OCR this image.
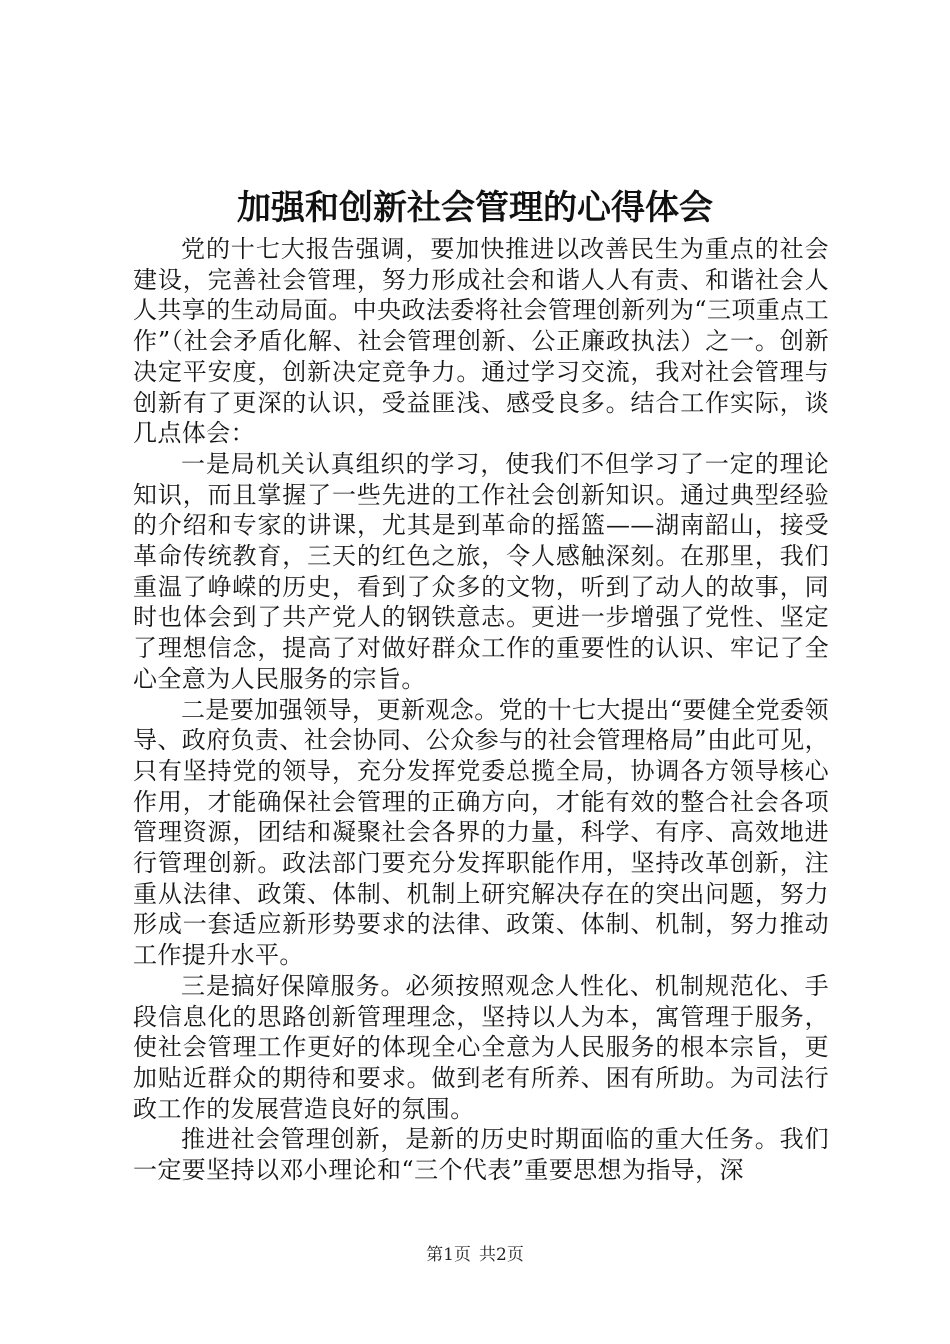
加强和创新社会管理的心得体会

党的十七大报告强调，要加快推进以改善民生为重点的社会建设，完善社会管理，努力形成社会和谐人人有责、和谐社会人人共享的生动局面。中央政法委将社会管理创新列为“三项重点工作”（社会矛盾化解、社会管理创新、公正廉政执法）之一。创新决定平安度，创新决定竞争力。通过学习交流，我对社会管理与创新有了更深的认识，受益匪浅、感受良多。结合工作实际，谈几点体会：

一是局机关认真组织的学习，使我们不但学习了一定的理论知识，而且掌握了一些先进的工作社会创新知识。通过典型经验的介绍和专家的讲课，尤其是到革命的摇篮——湖南韶山，接受革命传统教育，三天的红色之旅，令人感触深刻。在那里，我们重温了峥嵘的历史，看到了众多的文物，听到了动人的故事，同时也体会到了共产党人的钢铁意志。更进一步增强了党性、坚定了理想信念，提高了对做好群众工作的重要性的认识、牢记了全心全意为人民服务的宗旨。

二是要加强领导，更新观念。党的十七大提出“要健全党委领导、政府负责、社会协同、公众参与的社会管理格局”由此可见，只有坚持党的领导，充分发挥党委总揽全局，协调各方领导核心作用，才能确保社会管理的正确方向，才能有效的整合社会各项管理资源，团结和凝聚社会各界的力量，科学、有序、高效地进行管理创新。政法部门要充分发挥职能作用，坚持改革创新，注重从法律、政策、体制、机制上研究解决存在的突出问题，努力形成一套适应新形势要求的法律、政策、体制、机制，努力推动工作提升水平。

三是搞好保障服务。必须按照观念人性化、机制规范化、手段信息化的思路创新管理理念，坚持以人为本，寓管理于服务，使社会管理工作更好的体现全心全意为人民服务的根本宗旨，更加贴近群众的期待和要求。做到老有所养、困有所助。为司法行政工作的发展营造良好的氛围。

推进社会管理创新，是新的历史时期面临的重大任务。我们一定要坚持以邓小理论和“三个代表”重要思想为指导，深

第1页 共2页
